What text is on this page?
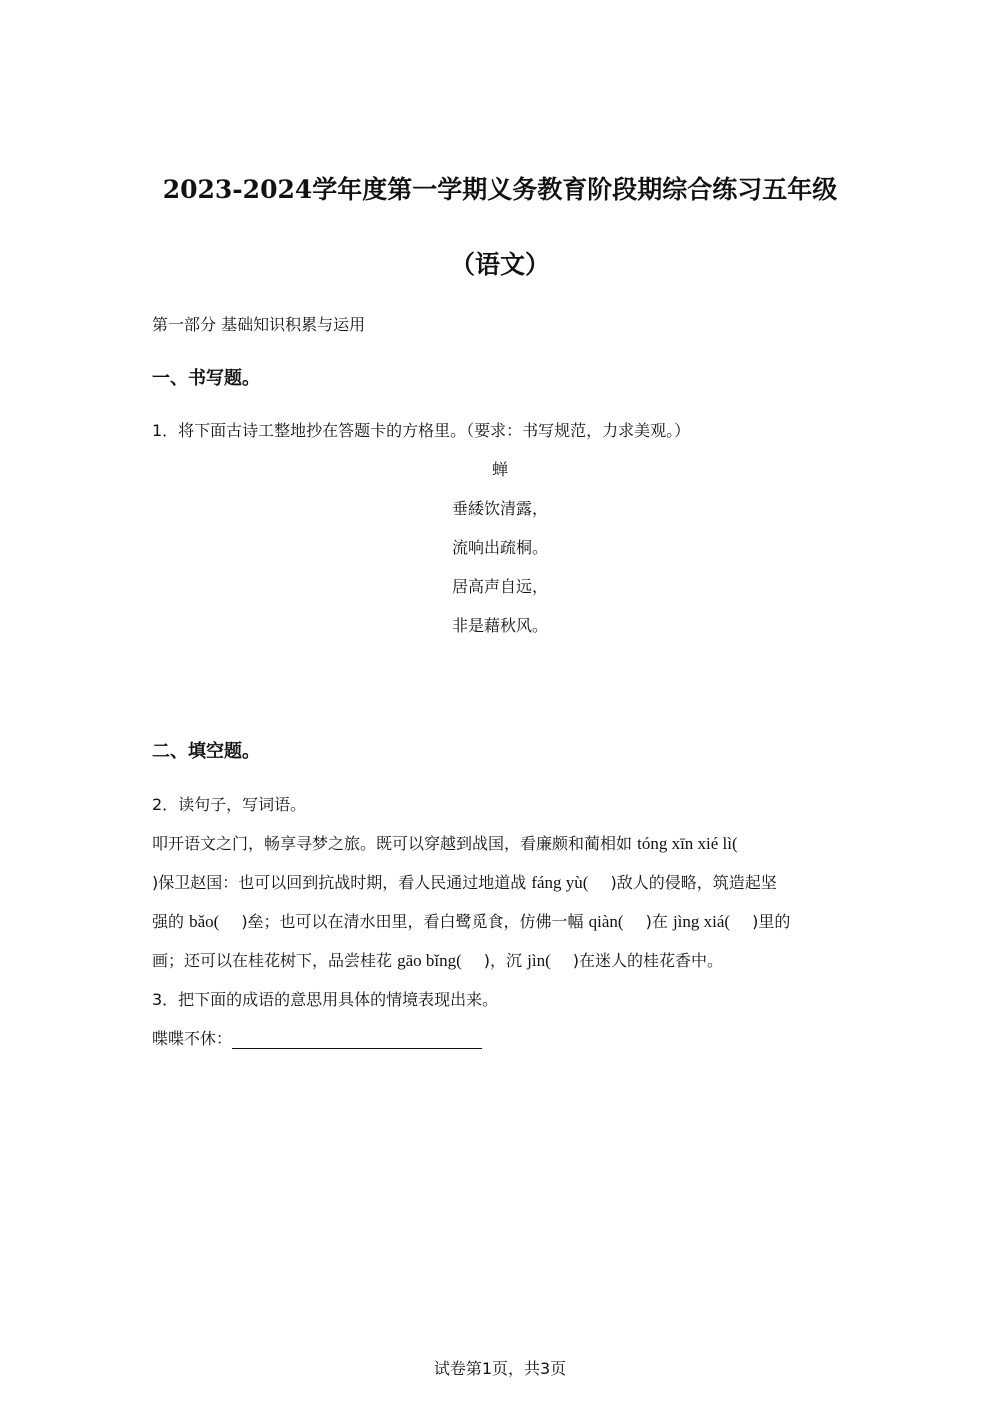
2023-2024学年度第一学期义务教育阶段期综合练习五年级
（语文）
第一部分 基础知识积累与运用
一、书写题。
1．将下面古诗工整地抄在答题卡的方格里。（要求：书写规范，力求美观。）
蝉
垂緌饮清露，
流响出疏桐。
居高声自远，
非是藉秋风。
二、填空题。
2．读句子，写词语。
叩开语文之门，畅享寻梦之旅。既可以穿越到战国，看廉颇和蔺相如 tóng xīn xié lì(
)保卫赵国：也可以回到抗战时期，看人民通过地道战 fáng yù( )敌人的侵略，筑造起坚
强的 bǎo( )垒；也可以在清水田里，看白鹭觅食，仿佛一幅 qiàn( )在 jìng xiá( )里的
画；还可以在桂花树下，品尝桂花 gāo bǐng( )，沉 jìn( )在迷人的桂花香中。
3．把下面的成语的意思用具体的情境表现出来。
喋喋不休：
试卷第1页，共3页
